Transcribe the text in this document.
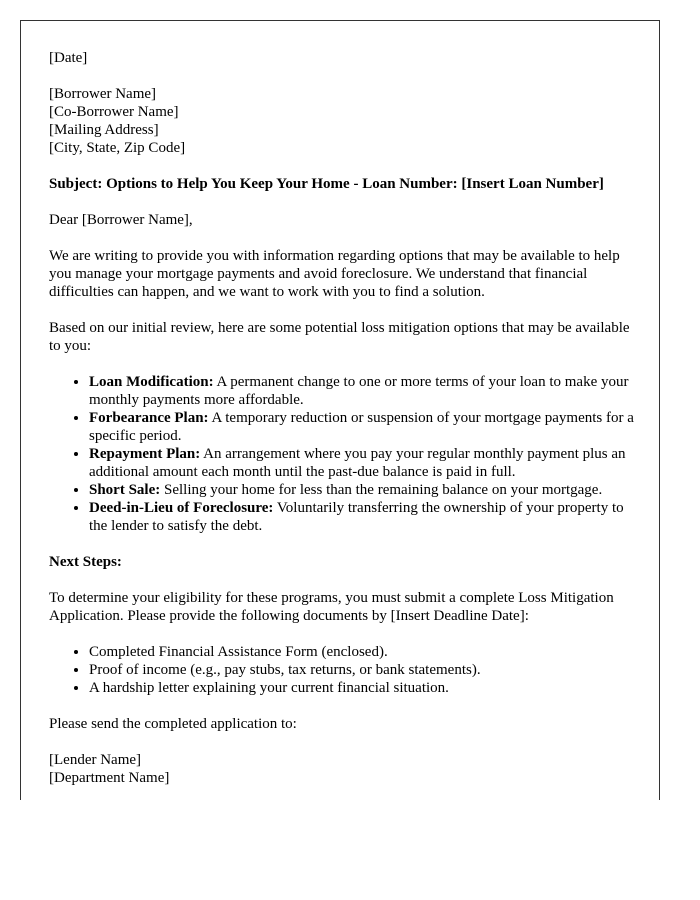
[Date]

[Borrower Name]
[Co-Borrower Name]
[Mailing Address]
[City, State, Zip Code]

Subject: Options to Help You Keep Your Home - Loan Number: [Insert Loan Number]

Dear [Borrower Name],

We are writing to provide you with information regarding options that may be available to help you manage your mortgage payments and avoid foreclosure. We understand that financial difficulties can happen, and we want to work with you to find a solution.

Based on our initial review, here are some potential loss mitigation options that may be available to you:

• Loan Modification: A permanent change to one or more terms of your loan to make your monthly payments more affordable.
• Forbearance Plan: A temporary reduction or suspension of your mortgage payments for a specific period.
• Repayment Plan: An arrangement where you pay your regular monthly payment plus an additional amount each month until the past-due balance is paid in full.
• Short Sale: Selling your home for less than the remaining balance on your mortgage.
• Deed-in-Lieu of Foreclosure: Voluntarily transferring the ownership of your property to the lender to satisfy the debt.

Next Steps:

To determine your eligibility for these programs, you must submit a complete Loss Mitigation Application. Please provide the following documents by [Insert Deadline Date]:

• Completed Financial Assistance Form (enclosed).
• Proof of income (e.g., pay stubs, tax returns, or bank statements).
• A hardship letter explaining your current financial situation.

Please send the completed application to:

[Lender Name]
[Department Name]
